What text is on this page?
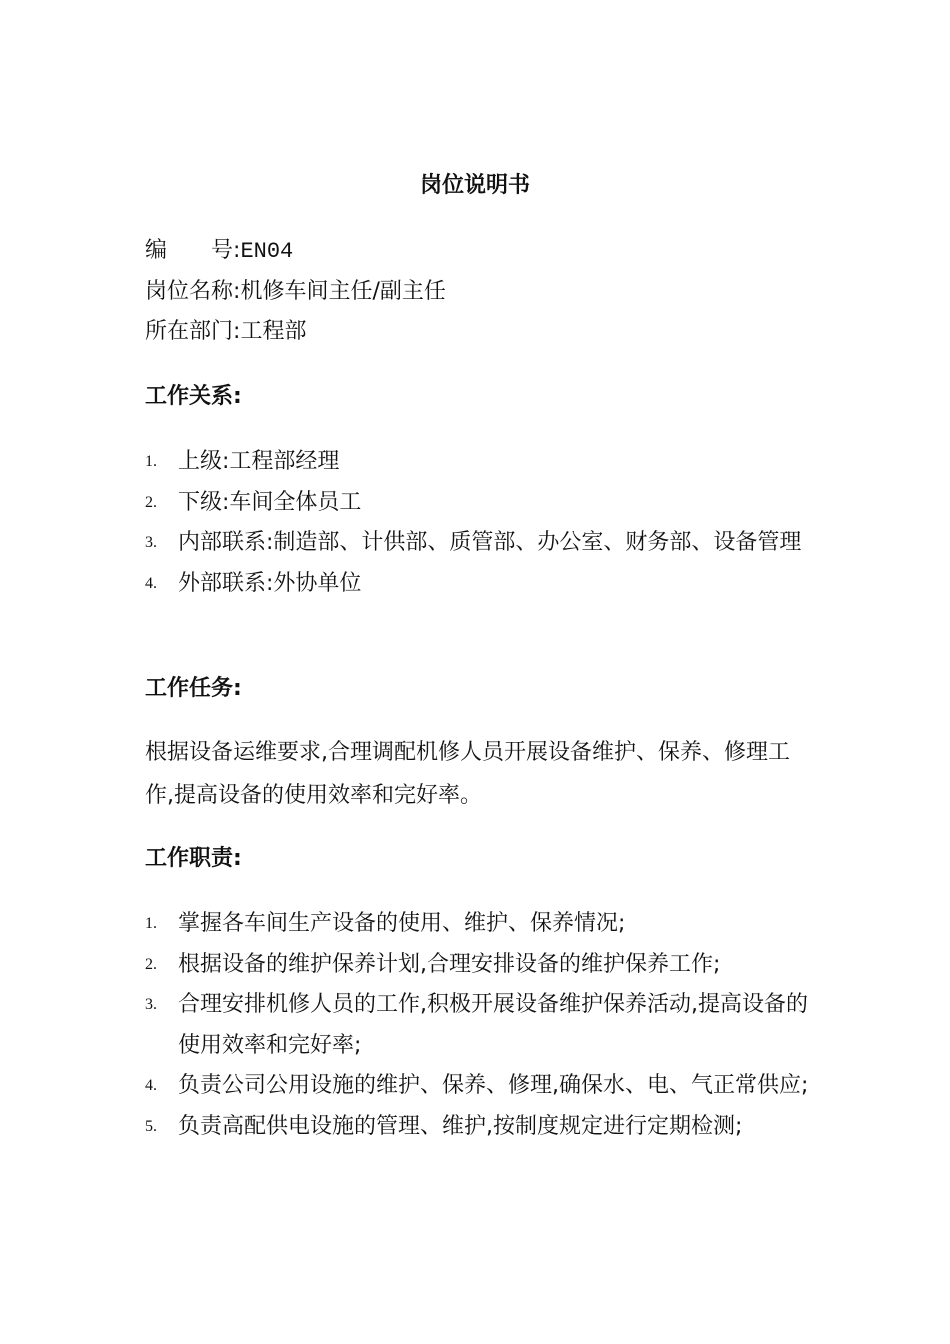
岗位说明书
编 号:EN04
岗位名称:机修车间主任/副主任
所在部门:工程部
工作关系:
1. 上级:工程部经理
2. 下级:车间全体员工
3. 内部联系:制造部、计供部、质管部、办公室、财务部、设备管理
4. 外部联系:外协单位
工作任务:

根据设备运维要求,合理调配机修人员开展设备维护、保养、修理工作,提高设备的使用效率和完好率。

工作职责:
1. 掌握各车间生产设备的使用、维护、保养情况;
2. 根据设备的维护保养计划,合理安排设备的维护保养工作;
3. 合理安排机修人员的工作,积极开展设备维护保养活动,提高设备的使用效率和完好率;
4. 负责公司公用设施的维护、保养、修理,确保水、电、气正常供应;
5. 负责高配供电设施的管理、维护,按制度规定进行定期检测;
